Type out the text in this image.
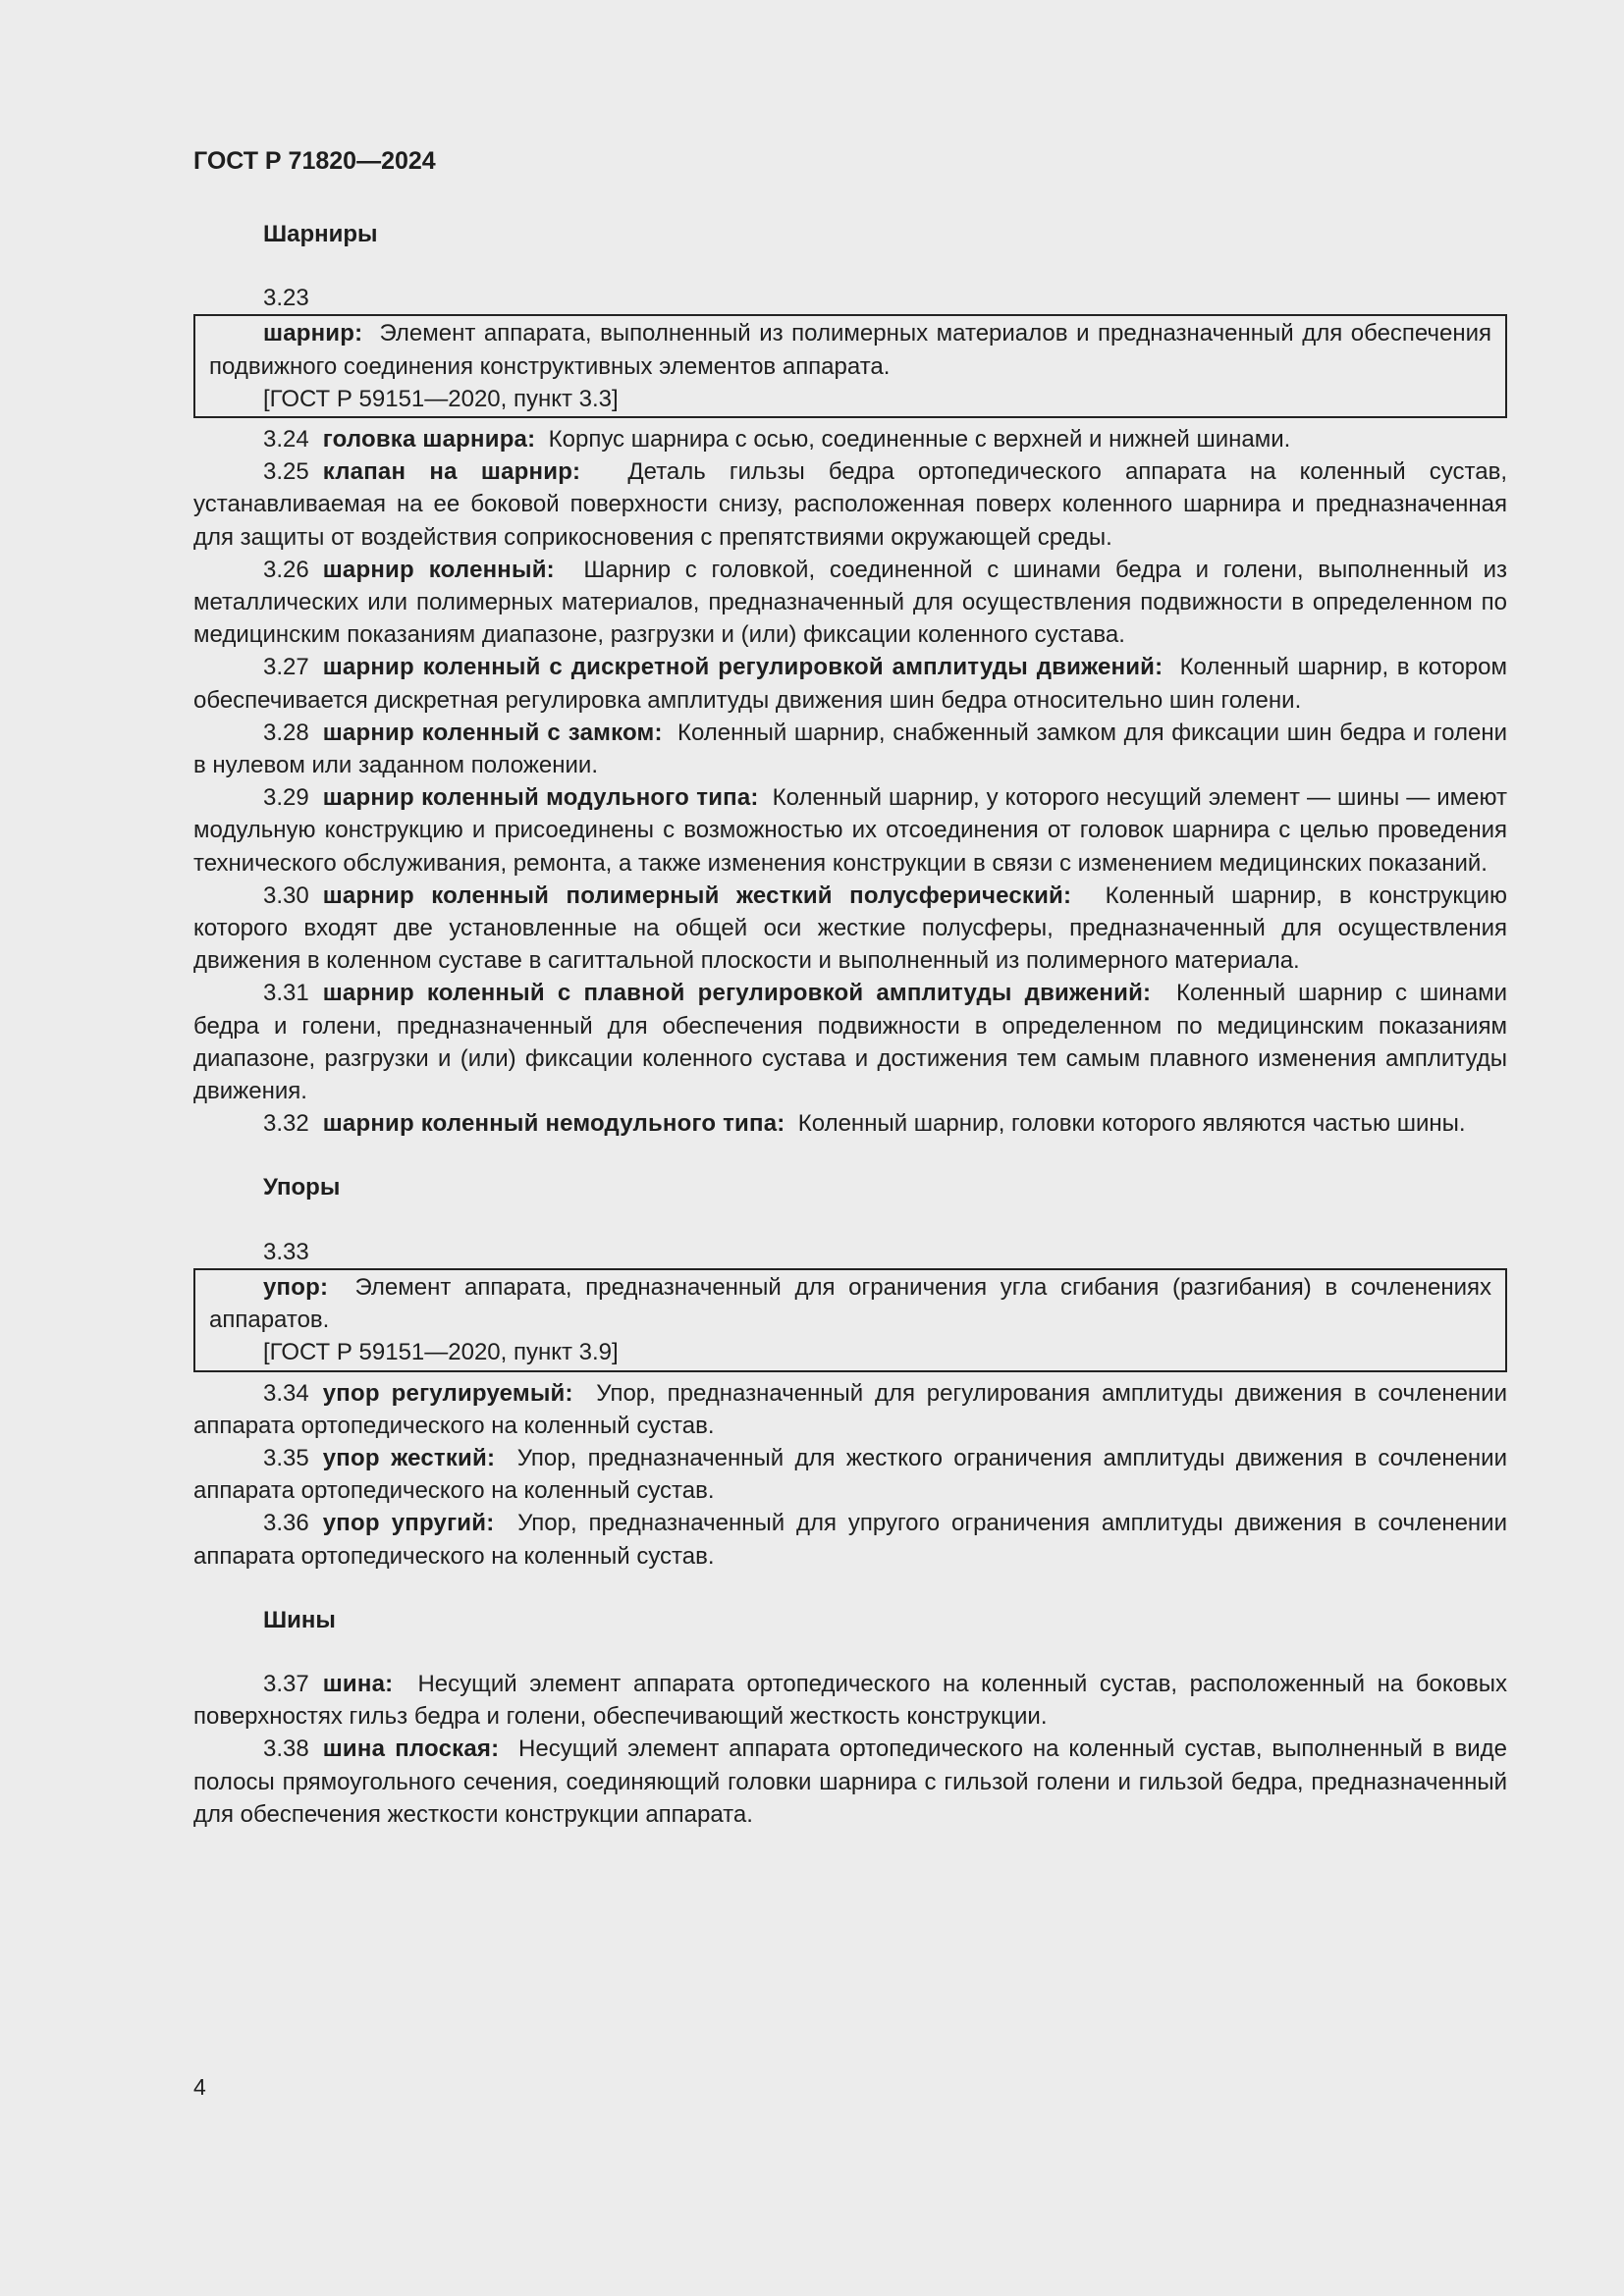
ГОСТ Р 71820—2024

Шарниры

3.23

шарнир: Элемент аппарата, выполненный из полимерных материалов и предназначенный для обеспечения подвижного соединения конструктивных элементов аппарата.

[ГОСТ Р 59151—2020, пункт 3.3]

3.24 головка шарнира: Корпус шарнира с осью, соединенные с верхней и нижней шинами.

3.25 клапан на шарнир: Деталь гильзы бедра ортопедического аппарата на коленный сустав, устанавливаемая на ее боковой поверхности снизу, расположенная поверх коленного шарнира и предназначенная для защиты от воздействия соприкосновения с препятствиями окружающей среды.

3.26 шарнир коленный: Шарнир с головкой, соединенной с шинами бедра и голени, выполненный из металлических или полимерных материалов, предназначенный для осуществления подвижности в определенном по медицинским показаниям диапазоне, разгрузки и (или) фиксации коленного сустава.

3.27 шарнир коленный с дискретной регулировкой амплитуды движений: Коленный шарнир, в котором обеспечивается дискретная регулировка амплитуды движения шин бедра относительно шин голени.

3.28 шарнир коленный с замком: Коленный шарнир, снабженный замком для фиксации шин бедра и голени в нулевом или заданном положении.

3.29 шарнир коленный модульного типа: Коленный шарнир, у которого несущий элемент — шины — имеют модульную конструкцию и присоединены с возможностью их отсоединения от головок шарнира с целью проведения технического обслуживания, ремонта, а также изменения конструкции в связи с изменением медицинских показаний.

3.30 шарнир коленный полимерный жесткий полусферический: Коленный шарнир, в конструкцию которого входят две установленные на общей оси жесткие полусферы, предназначенный для осуществления движения в коленном суставе в сагиттальной плоскости и выполненный из полимерного материала.

3.31 шарнир коленный с плавной регулировкой амплитуды движений: Коленный шарнир с шинами бедра и голени, предназначенный для обеспечения подвижности в определенном по медицинским показаниям диапазоне, разгрузки и (или) фиксации коленного сустава и достижения тем самым плавного изменения амплитуды движения.

3.32 шарнир коленный немодульного типа: Коленный шарнир, головки которого являются частью шины.

Упоры

3.33

упор: Элемент аппарата, предназначенный для ограничения угла сгибания (разгибания) в сочленениях аппаратов.

[ГОСТ Р 59151—2020, пункт 3.9]

3.34 упор регулируемый: Упор, предназначенный для регулирования амплитуды движения в сочленении аппарата ортопедического на коленный сустав.

3.35 упор жесткий: Упор, предназначенный для жесткого ограничения амплитуды движения в сочленении аппарата ортопедического на коленный сустав.

3.36 упор упругий: Упор, предназначенный для упругого ограничения амплитуды движения в сочленении аппарата ортопедического на коленный сустав.

Шины

3.37 шина: Несущий элемент аппарата ортопедического на коленный сустав, расположенный на боковых поверхностях гильз бедра и голени, обеспечивающий жесткость конструкции.

3.38 шина плоская: Несущий элемент аппарата ортопедического на коленный сустав, выполненный в виде полосы прямоугольного сечения, соединяющий головки шарнира с гильзой голени и гильзой бедра, предназначенный для обеспечения жесткости конструкции аппарата.

4
